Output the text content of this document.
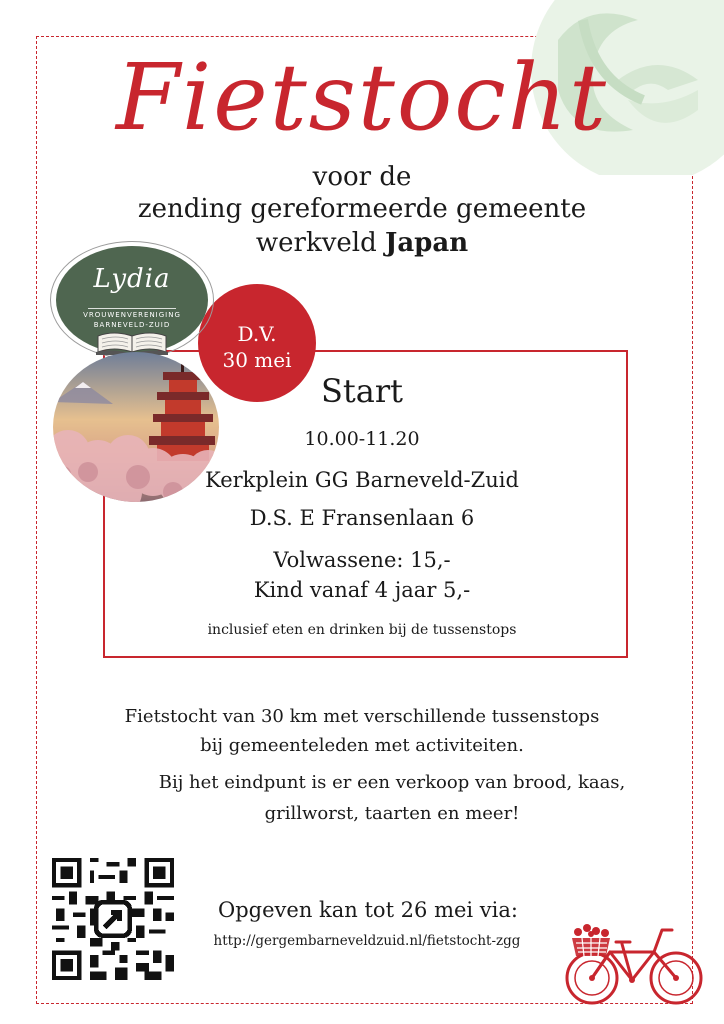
Fietstocht
voor de
zending gereformeerde gemeente
werkveld Japan
D.V.
30 mei
Lydia
VROUWENVERENIGING
BARNEVELD-ZUID
Start
10.00-11.20
Kerkplein GG Barneveld-Zuid
D.S. E Fransenlaan 6
Volwassene: 15,-
Kind vanaf 4 jaar 5,-
inclusief eten en drinken bij de tussenstops
Fietstocht van 30 km met verschillende tussenstops
bij gemeenteleden met activiteiten.
Bij het eindpunt is er een verkoop van brood, kaas,
grillworst, taarten en meer!
Opgeven kan tot 26 mei via:
http://gergembarneveldzuid.nl/fietstocht-zgg
